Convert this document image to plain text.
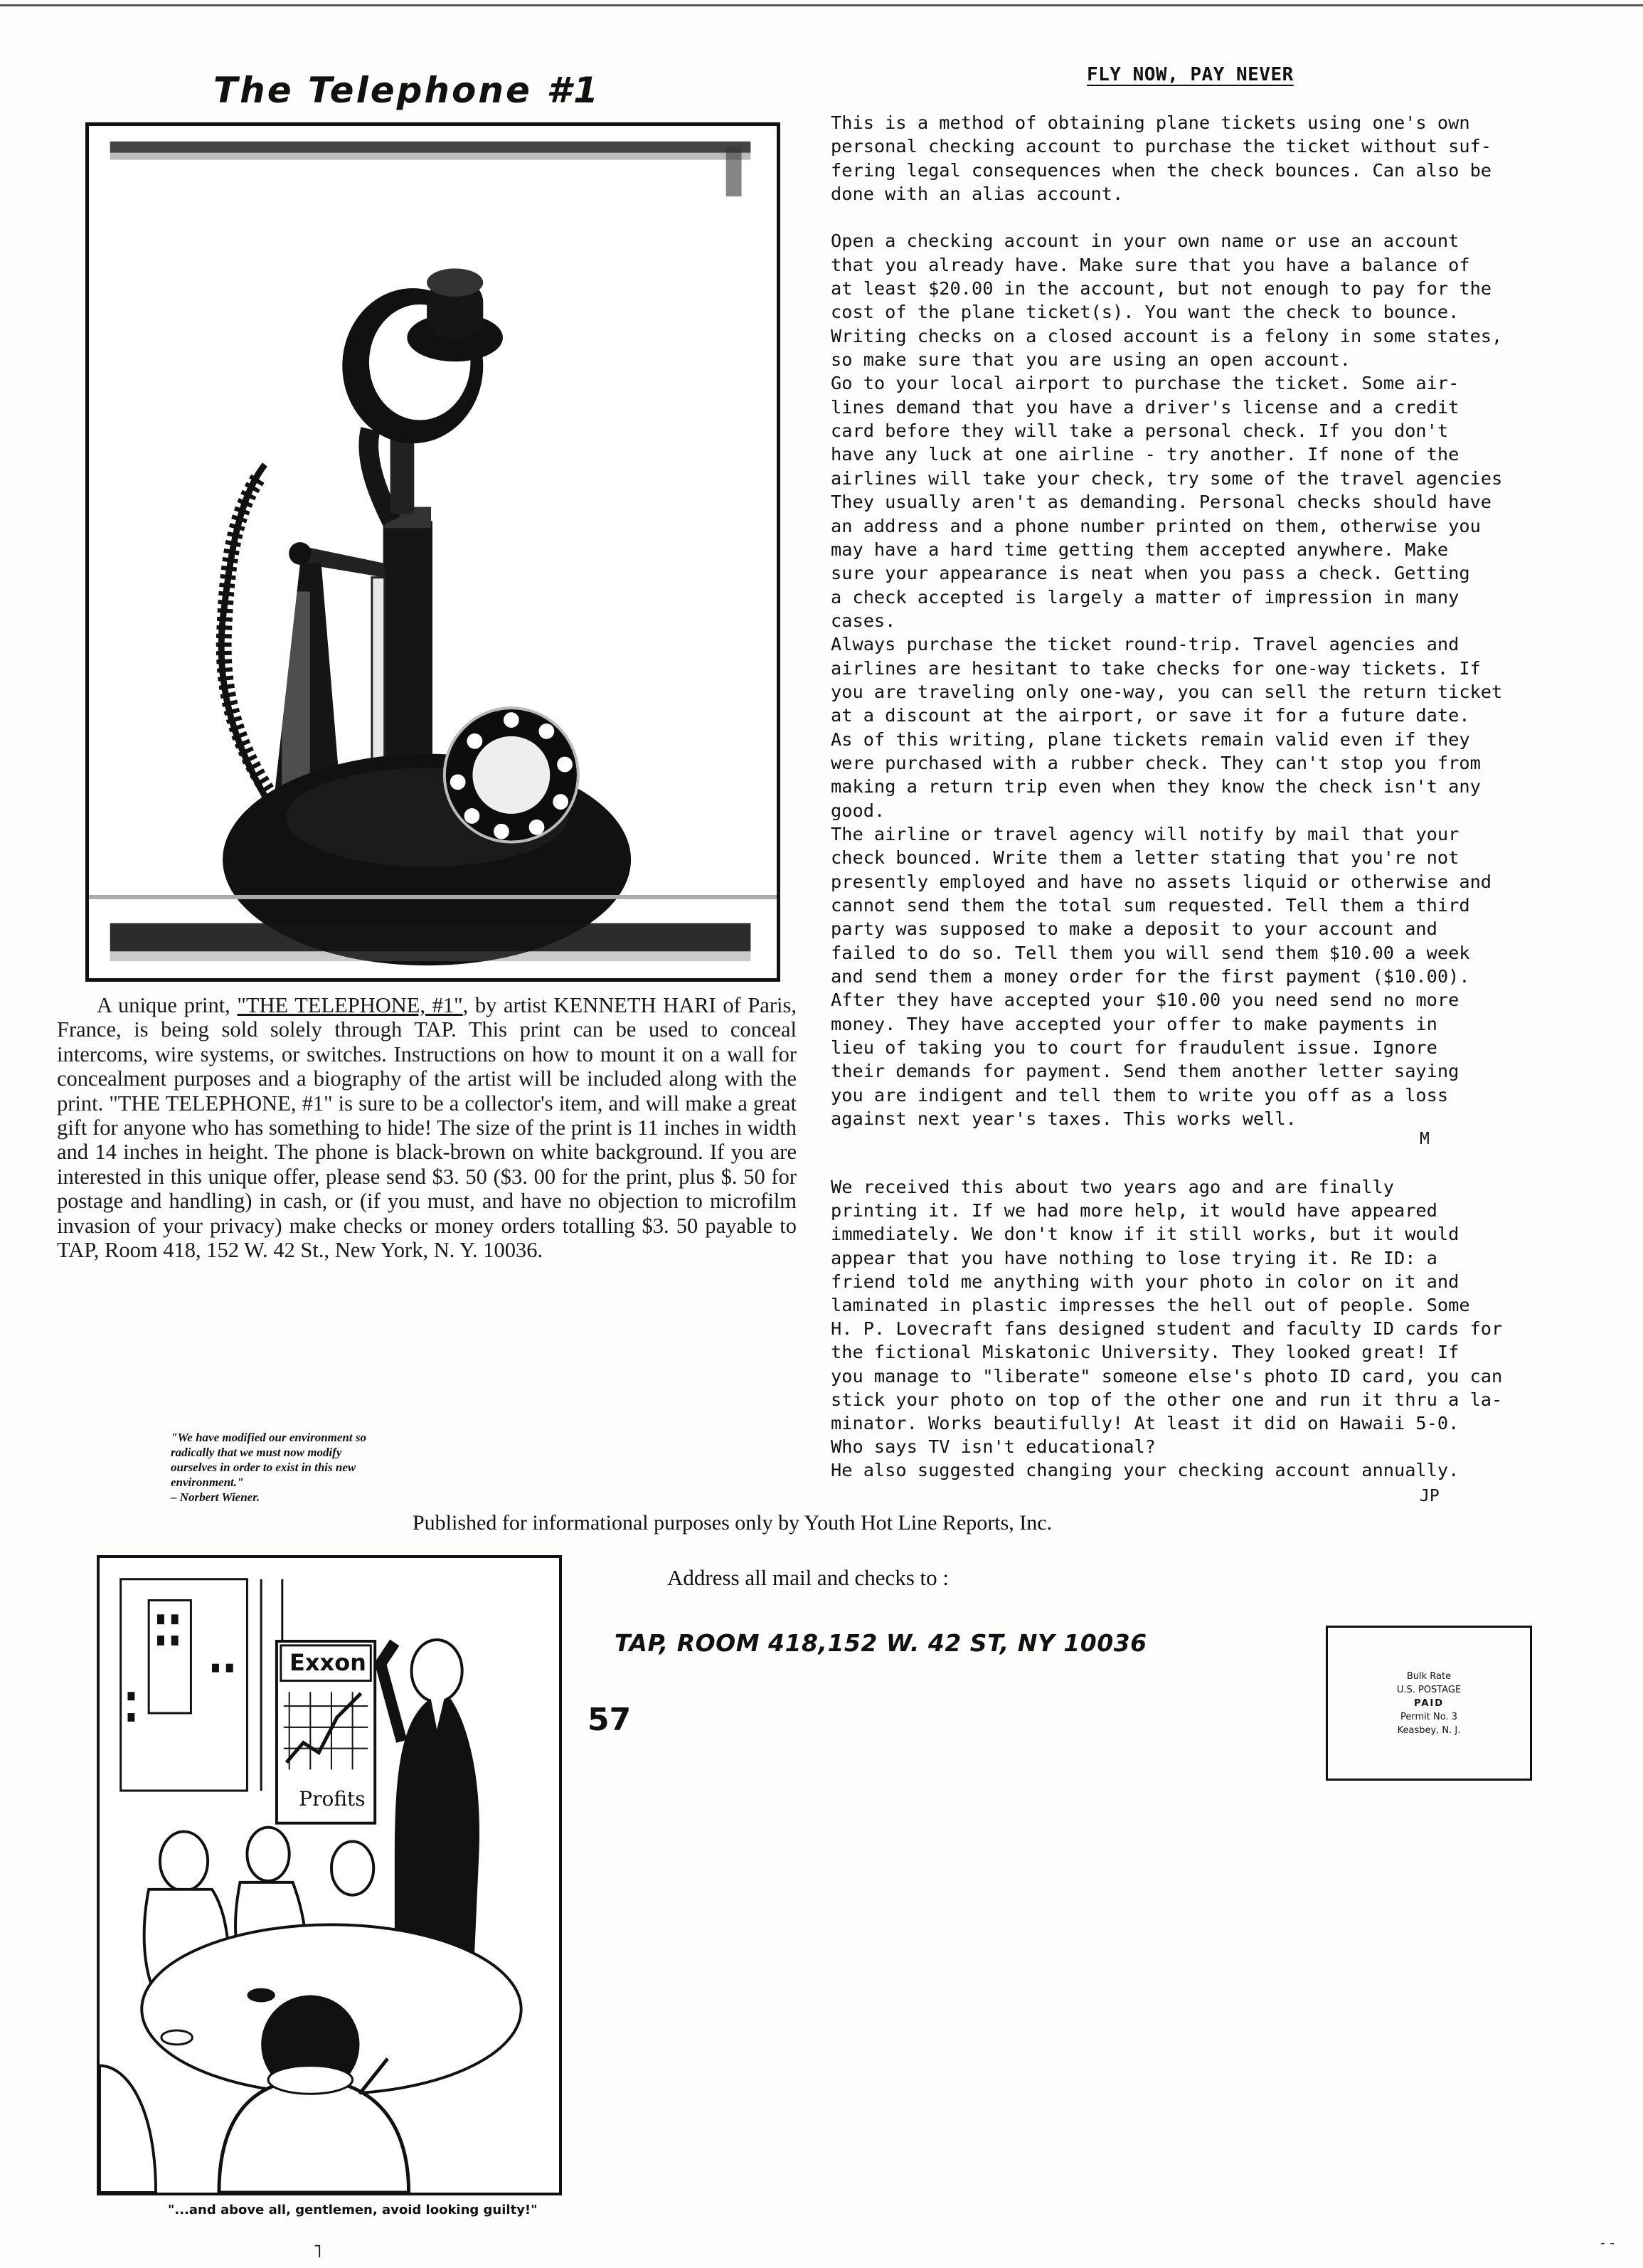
The Telephone #1

A unique print, "THE TELEPHONE, #1", by artist KENNETH HARI of Paris, France, is being sold solely through TAP. This print can be used to conceal intercoms, wire systems, or switches. Instructions on how to mount it on a wall for concealment purposes and a biography of the artist will be included along with the print. "THE TELEPHONE, #1" is sure to be a collector's item, and will make a great gift for anyone who has something to hide! The size of the print is 11 inches in width and 14 inches in height. The phone is black-brown on white background. If you are interested in this unique offer, please send $3. 50 ($3. 00 for the print, plus $. 50 for postage and handling) in cash, or (if you must, and have no objection to microfilm invasion of your privacy) make checks or money orders totalling $3. 50 payable to TAP, Room 418, 152 W. 42 St., New York, N. Y. 10036.

"We have modified our environment so radically that we must now modify ourselves in order to exist in this new environment."
– Norbert Wiener.
Published for informational purposes only by Youth Hot Line Reports, Inc.
Exxon
Profits
"...and above all, gentlemen, avoid looking guilty!"
˥
FLY NOW, PAY NEVER
This is a method of obtaining plane tickets using one's own
personal checking account to purchase the ticket without suf-
fering legal consequences when the check bounces. Can also be
done with an alias account.
Open a checking account in your own name or use an account
that you already have. Make sure that you have a balance of
at least $20.00 in the account, but not enough to pay for the
cost of the plane ticket(s). You want the check to bounce.
Writing checks on a closed account is a felony in some states,
so make sure that you are using an open account.
Go to your local airport to purchase the ticket. Some air-
lines demand that you have a driver's license and a credit
card before they will take a personal check. If you don't
have any luck at one airline - try another. If none of the
airlines will take your check, try some of the travel agencies
They usually aren't as demanding. Personal checks should have
an address and a phone number printed on them, otherwise you
may have a hard time getting them accepted anywhere. Make
sure your appearance is neat when you pass a check. Getting
a check accepted is largely a matter of impression in many
cases.
Always purchase the ticket round-trip. Travel agencies and
airlines are hesitant to take checks for one-way tickets. If
you are traveling only one-way, you can sell the return ticket
at a discount at the airport, or save it for a future date.
As of this writing, plane tickets remain valid even if they
were purchased with a rubber check. They can't stop you from
making a return trip even when they know the check isn't any
good.
The airline or travel agency will notify by mail that your
check bounced. Write them a letter stating that you're not
presently employed and have no assets liquid or otherwise and
cannot send them the total sum requested. Tell them a third
party was supposed to make a deposit to your account and
failed to do so. Tell them you will send them $10.00 a week
and send them a money order for the first payment ($10.00).
After they have accepted your $10.00 you need send no more
money. They have accepted your offer to make payments in
lieu of taking you to court for fraudulent issue. Ignore
their demands for payment. Send them another letter saying
you are indigent and tell them to write you off as a loss
against next year's taxes. This works well.
M
We received this about two years ago and are finally
printing it. If we had more help, it would have appeared
immediately. We don't know if it still works, but it would
appear that you have nothing to lose trying it. Re ID: a
friend told me anything with your photo in color on it and
laminated in plastic impresses the hell out of people. Some
H. P. Lovecraft fans designed student and faculty ID cards for
the fictional Miskatonic University. They looked great! If
you manage to "liberate" someone else's photo ID card, you can
stick your photo on top of the other one and run it thru a la-
minator. Works beautifully! At least it did on Hawaii 5-0.
Who says TV isn't educational?
He also suggested changing your checking account annually.
JP
Address all mail and checks to :
TAP, ROOM 418,152 W. 42 ST, NY 10036
57
Bulk Rate
U.S. POSTAGE
PAID
Permit No. 3
Keasbey, N. J.
- -
